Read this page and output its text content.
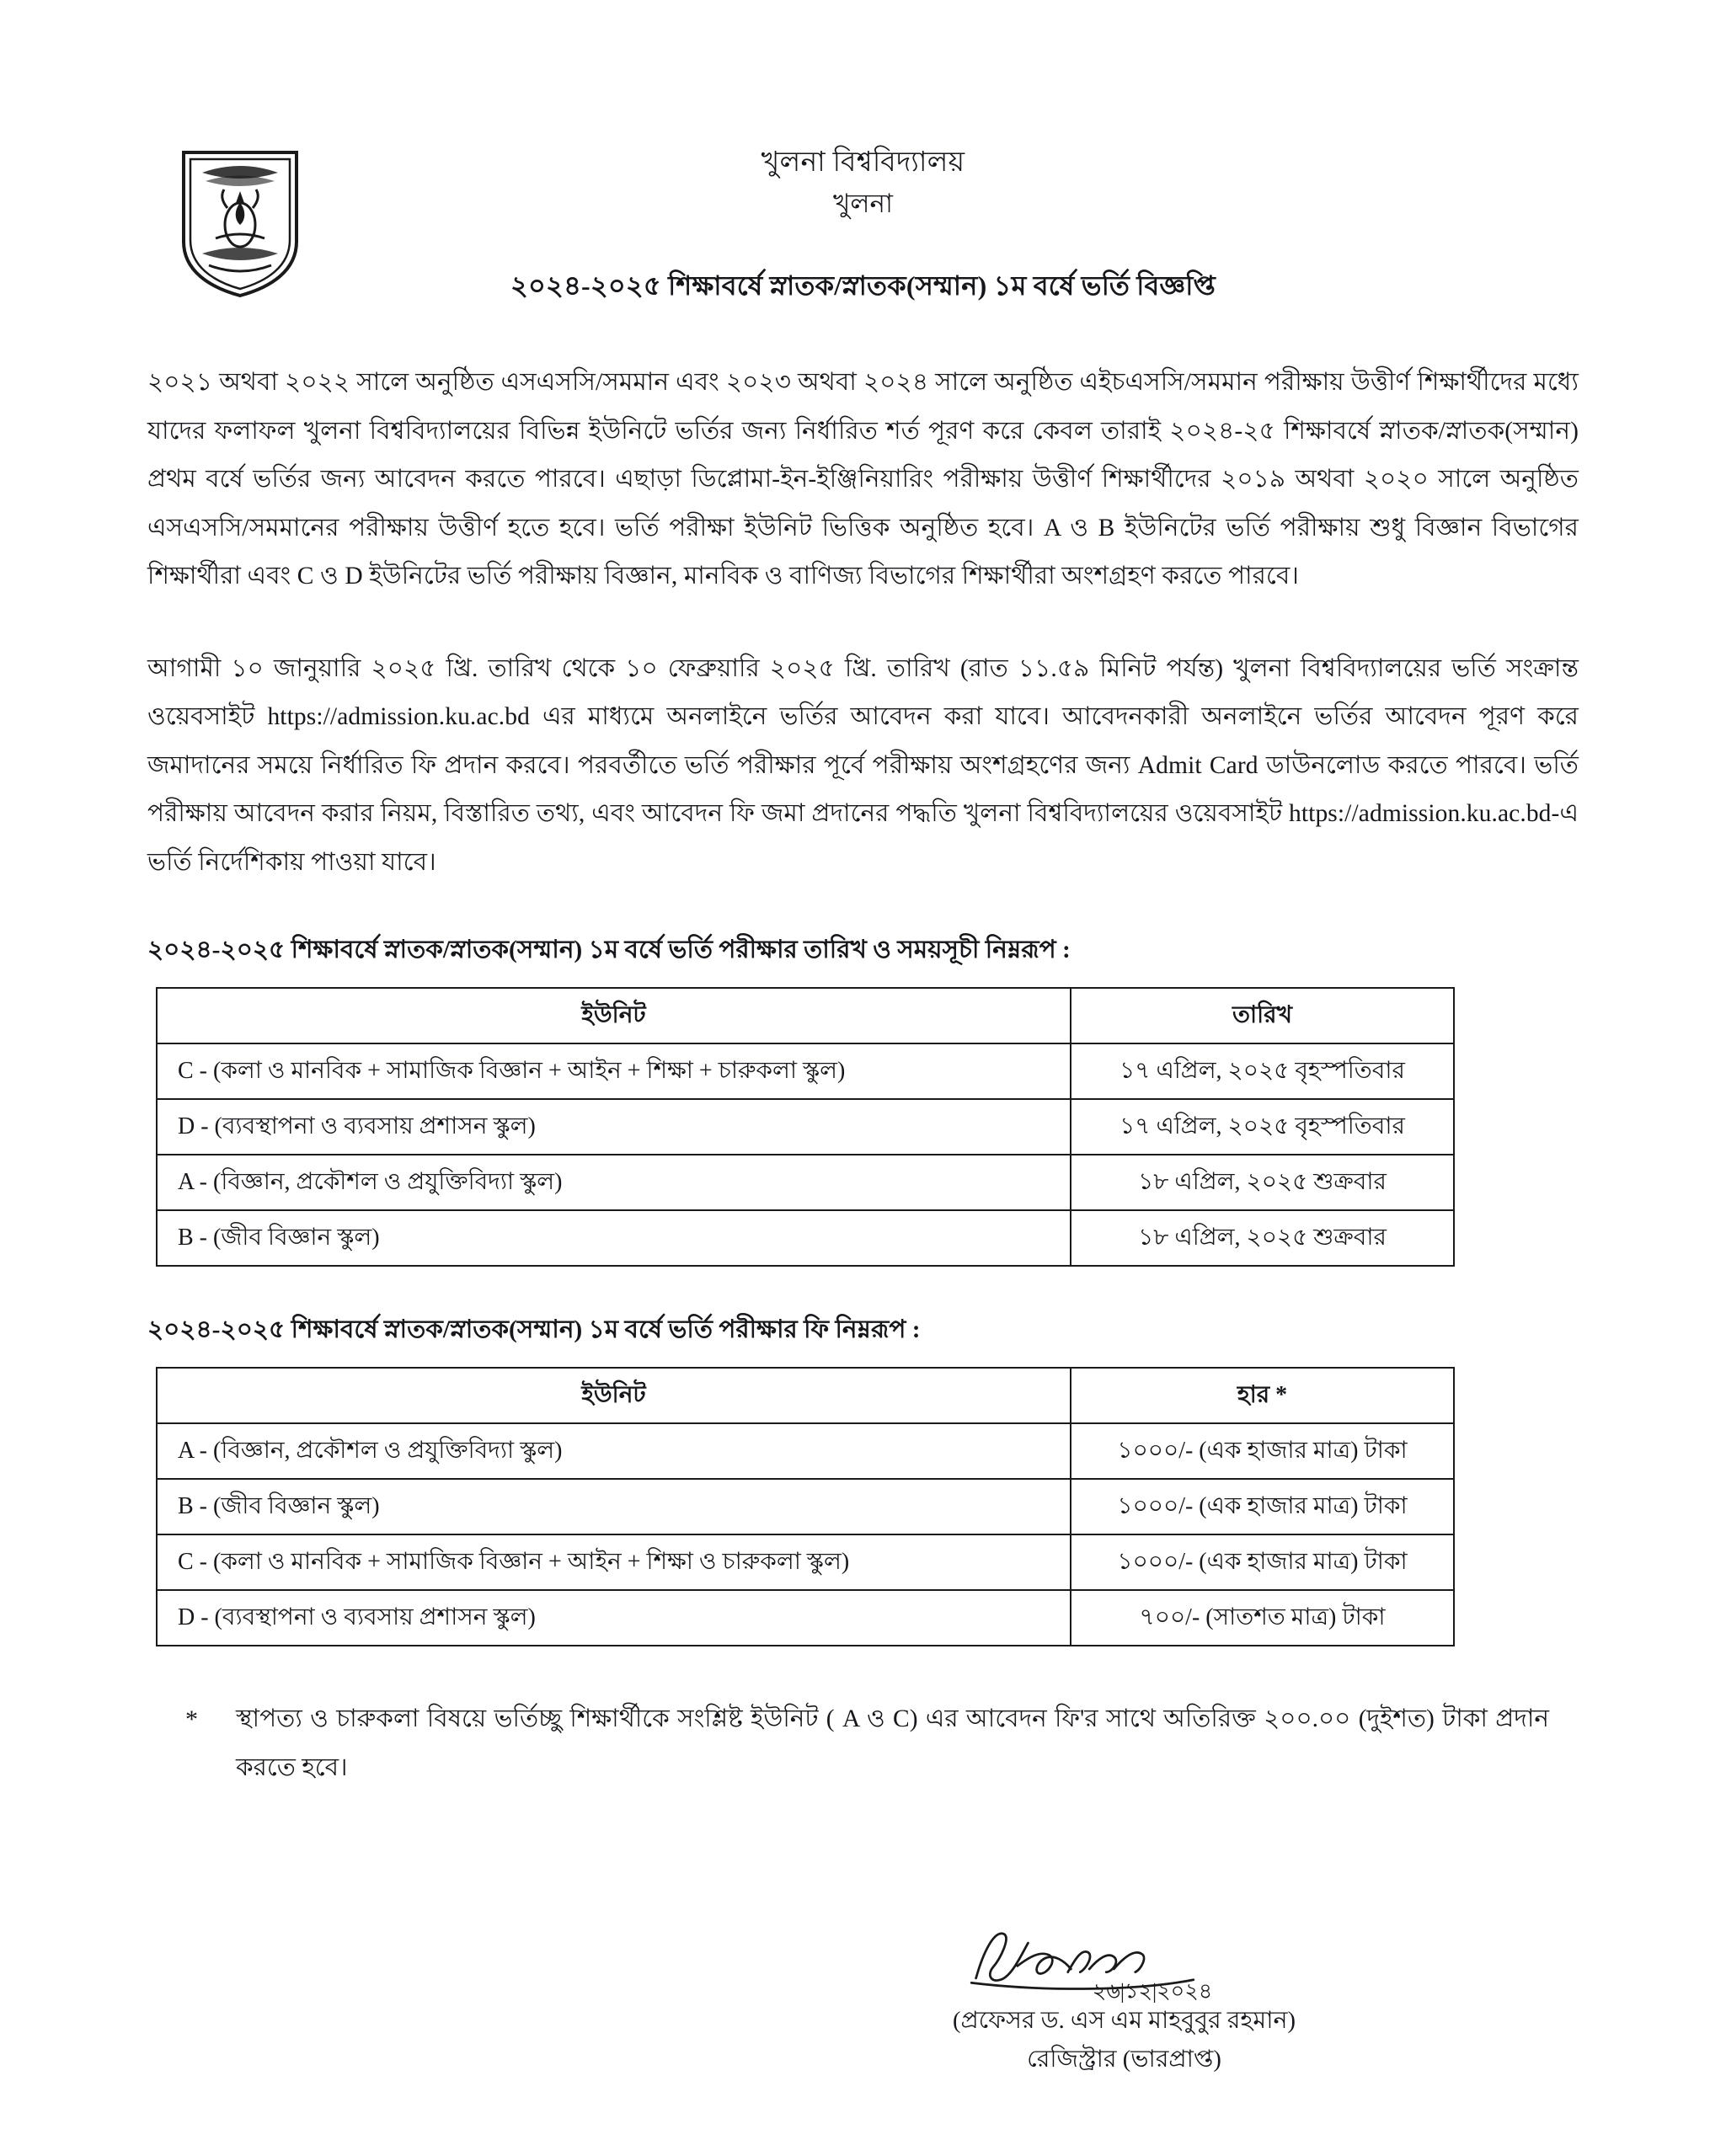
খুলনা বিশ্ববিদ্যালয়
খুলনা
২০২৪-২০২৫ শিক্ষাবর্ষে স্নাতক/স্নাতক(সম্মান) ১ম বর্ষে ভর্তি বিজ্ঞপ্তি

২০২১ অথবা ২০২২ সালে অনুষ্ঠিত এসএসসি/সমমান এবং ২০২৩ অথবা ২০২৪ সালে অনুষ্ঠিত এইচএসসি/সমমান পরীক্ষায় উত্তীর্ণ শিক্ষার্থীদের মধ্যে যাদের ফলাফল খুলনা বিশ্ববিদ্যালয়ের বিভিন্ন ইউনিটে ভর্তির জন্য নির্ধারিত শর্ত পূরণ করে কেবল তারাই ২০২৪-২৫ শিক্ষাবর্ষে স্নাতক/স্নাতক(সম্মান) প্রথম বর্ষে ভর্তির জন্য আবেদন করতে পারবে। এছাড়া ডিপ্লোমা-ইন-ইঞ্জিনিয়ারিং পরীক্ষায় উত্তীর্ণ শিক্ষার্থীদের ২০১৯ অথবা ২০২০ সালে অনুষ্ঠিত এসএসসি/সমমানের পরীক্ষায় উত্তীর্ণ হতে হবে। ভর্তি পরীক্ষা ইউনিট ভিত্তিক অনুষ্ঠিত হবে। A ও B ইউনিটের ভর্তি পরীক্ষায় শুধু বিজ্ঞান বিভাগের শিক্ষার্থীরা এবং C ও D ইউনিটের ভর্তি পরীক্ষায় বিজ্ঞান, মানবিক ও বাণিজ্য বিভাগের শিক্ষার্থীরা অংশগ্রহণ করতে পারবে।

আগামী ১০ জানুয়ারি ২০২৫ খ্রি. তারিখ থেকে ১০ ফেব্রুয়ারি ২০২৫ খ্রি. তারিখ (রাত ১১.৫৯ মিনিট পর্যন্ত) খুলনা বিশ্ববিদ্যালয়ের ভর্তি সংক্রান্ত ওয়েবসাইট https://admission.ku.ac.bd এর মাধ্যমে অনলাইনে ভর্তির আবেদন করা যাবে। আবেদনকারী অনলাইনে ভর্তির আবেদন পূরণ করে জমাদানের সময়ে নির্ধারিত ফি প্রদান করবে। পরবর্তীতে ভর্তি পরীক্ষার পূর্বে পরীক্ষায় অংশগ্রহণের জন্য Admit Card ডাউনলোড করতে পারবে। ভর্তি পরীক্ষায় আবেদন করার নিয়ম, বিস্তারিত তথ্য, এবং আবেদন ফি জমা প্রদানের পদ্ধতি খুলনা বিশ্ববিদ্যালয়ের ওয়েবসাইট https://admission.ku.ac.bd-এ ভর্তি নির্দেশিকায় পাওয়া যাবে।

২০২৪-২০২৫ শিক্ষাবর্ষে স্নাতক/স্নাতক(সম্মান) ১ম বর্ষে ভর্তি পরীক্ষার তারিখ ও সময়সূচী নিম্নরূপ :
ইউনিট	তারিখ
C - (কলা ও মানবিক + সামাজিক বিজ্ঞান + আইন + শিক্ষা + চারুকলা স্কুল)	১৭ এপ্রিল, ২০২৫ বৃহস্পতিবার
D - (ব্যবস্থাপনা ও ব্যবসায় প্রশাসন স্কুল)	১৭ এপ্রিল, ২০২৫ বৃহস্পতিবার
A - (বিজ্ঞান, প্রকৌশল ও প্রযুক্তিবিদ্যা স্কুল)	১৮ এপ্রিল, ২০২৫ শুক্রবার
B - (জীব বিজ্ঞান স্কুল)	১৮ এপ্রিল, ২০২৫ শুক্রবার
২০২৪-২০২৫ শিক্ষাবর্ষে স্নাতক/স্নাতক(সম্মান) ১ম বর্ষে ভর্তি পরীক্ষার ফি নিম্নরূপ :
ইউনিট	হার *
A - (বিজ্ঞান, প্রকৌশল ও প্রযুক্তিবিদ্যা স্কুল)	১০০০/- (এক হাজার মাত্র) টাকা
B - (জীব বিজ্ঞান স্কুল)	১০০০/- (এক হাজার মাত্র) টাকা
C - (কলা ও মানবিক + সামাজিক বিজ্ঞান + আইন + শিক্ষা ও চারুকলা স্কুল)	১০০০/- (এক হাজার মাত্র) টাকা
D - (ব্যবস্থাপনা ও ব্যবসায় প্রশাসন স্কুল)	৭০০/- (সাতশত মাত্র) টাকা
*	স্থাপত্য ও চারুকলা বিষয়ে ভর্তিচ্ছু শিক্ষার্থীকে সংশ্লিষ্ট ইউনিট ( A ও C) এর আবেদন ফি'র সাথে অতিরিক্ত ২০০.০০ (দুইশত) টাকা প্রদান করতে হবে।
২৬|১২|২০২৪
(প্রফেসর ড. এস এম মাহবুবুর রহমান)
রেজিস্ট্রার (ভারপ্রাপ্ত)
